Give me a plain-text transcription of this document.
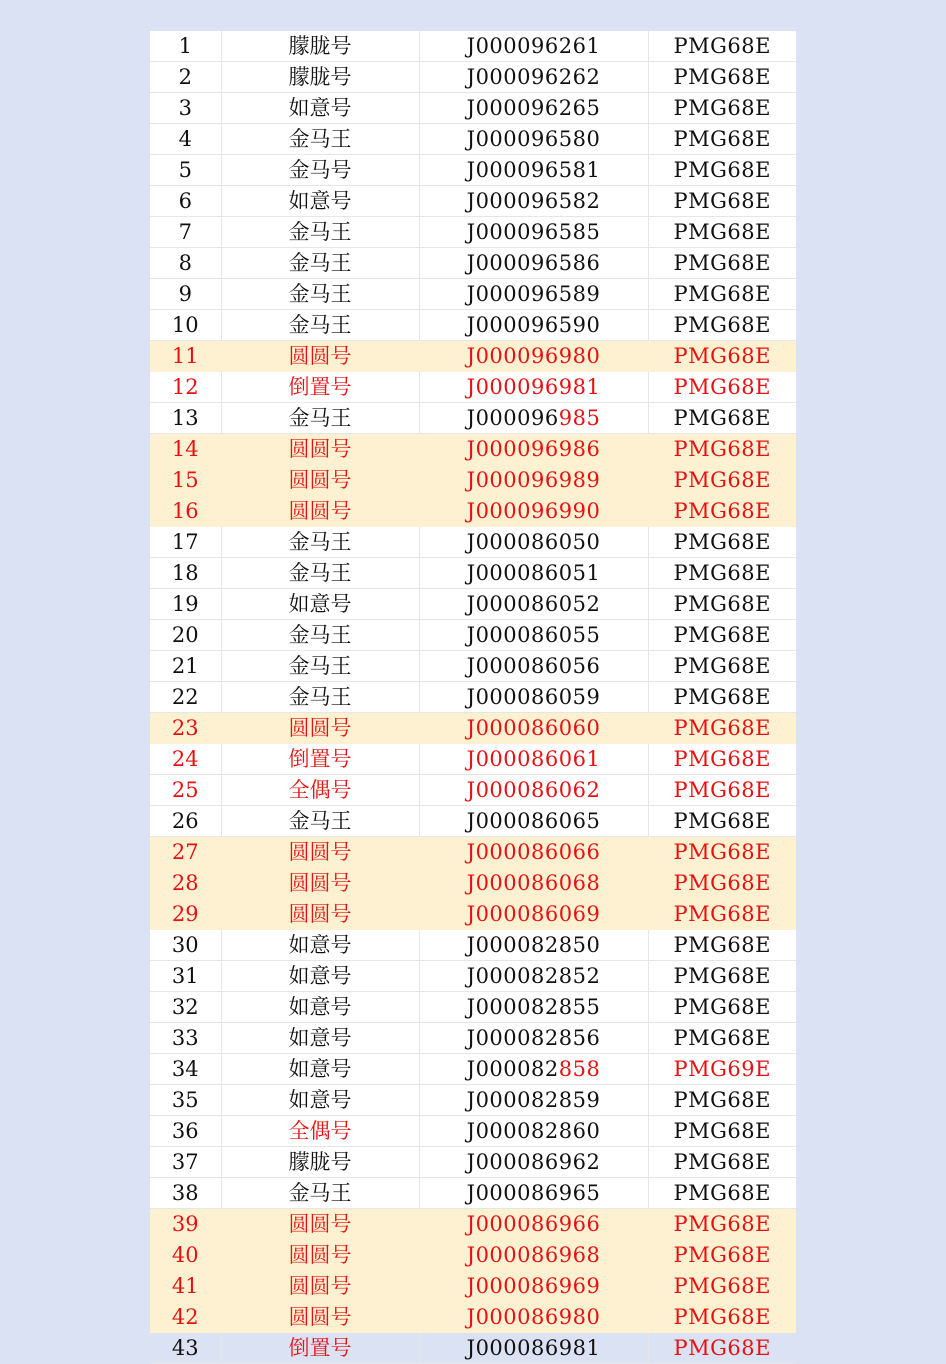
1	朦胧号	J000096261	PMG68E
2	朦胧号	J000096262	PMG68E
3	如意号	J000096265	PMG68E
4	金马王	J000096580	PMG68E
5	金马号	J000096581	PMG68E
6	如意号	J000096582	PMG68E
7	金马王	J000096585	PMG68E
8	金马王	J000096586	PMG68E
9	金马王	J000096589	PMG68E
10	金马王	J000096590	PMG68E
11	圆圆号	J000096980	PMG68E
12	倒置号	J000096981	PMG68E
13	金马王	J000096985	PMG68E
14	圆圆号	J000096986	PMG68E
15	圆圆号	J000096989	PMG68E
16	圆圆号	J000096990	PMG68E
17	金马王	J000086050	PMG68E
18	金马王	J000086051	PMG68E
19	如意号	J000086052	PMG68E
20	金马王	J000086055	PMG68E
21	金马王	J000086056	PMG68E
22	金马王	J000086059	PMG68E
23	圆圆号	J000086060	PMG68E
24	倒置号	J000086061	PMG68E
25	全偶号	J000086062	PMG68E
26	金马王	J000086065	PMG68E
27	圆圆号	J000086066	PMG68E
28	圆圆号	J000086068	PMG68E
29	圆圆号	J000086069	PMG68E
30	如意号	J000082850	PMG68E
31	如意号	J000082852	PMG68E
32	如意号	J000082855	PMG68E
33	如意号	J000082856	PMG68E
34	如意号	J000082858	PMG69E
35	如意号	J000082859	PMG68E
36	全偶号	J000082860	PMG68E
37	朦胧号	J000086962	PMG68E
38	金马王	J000086965	PMG68E
39	圆圆号	J000086966	PMG68E
40	圆圆号	J000086968	PMG68E
41	圆圆号	J000086969	PMG68E
42	圆圆号	J000086980	PMG68E
43	倒置号	J000086981	PMG68E
